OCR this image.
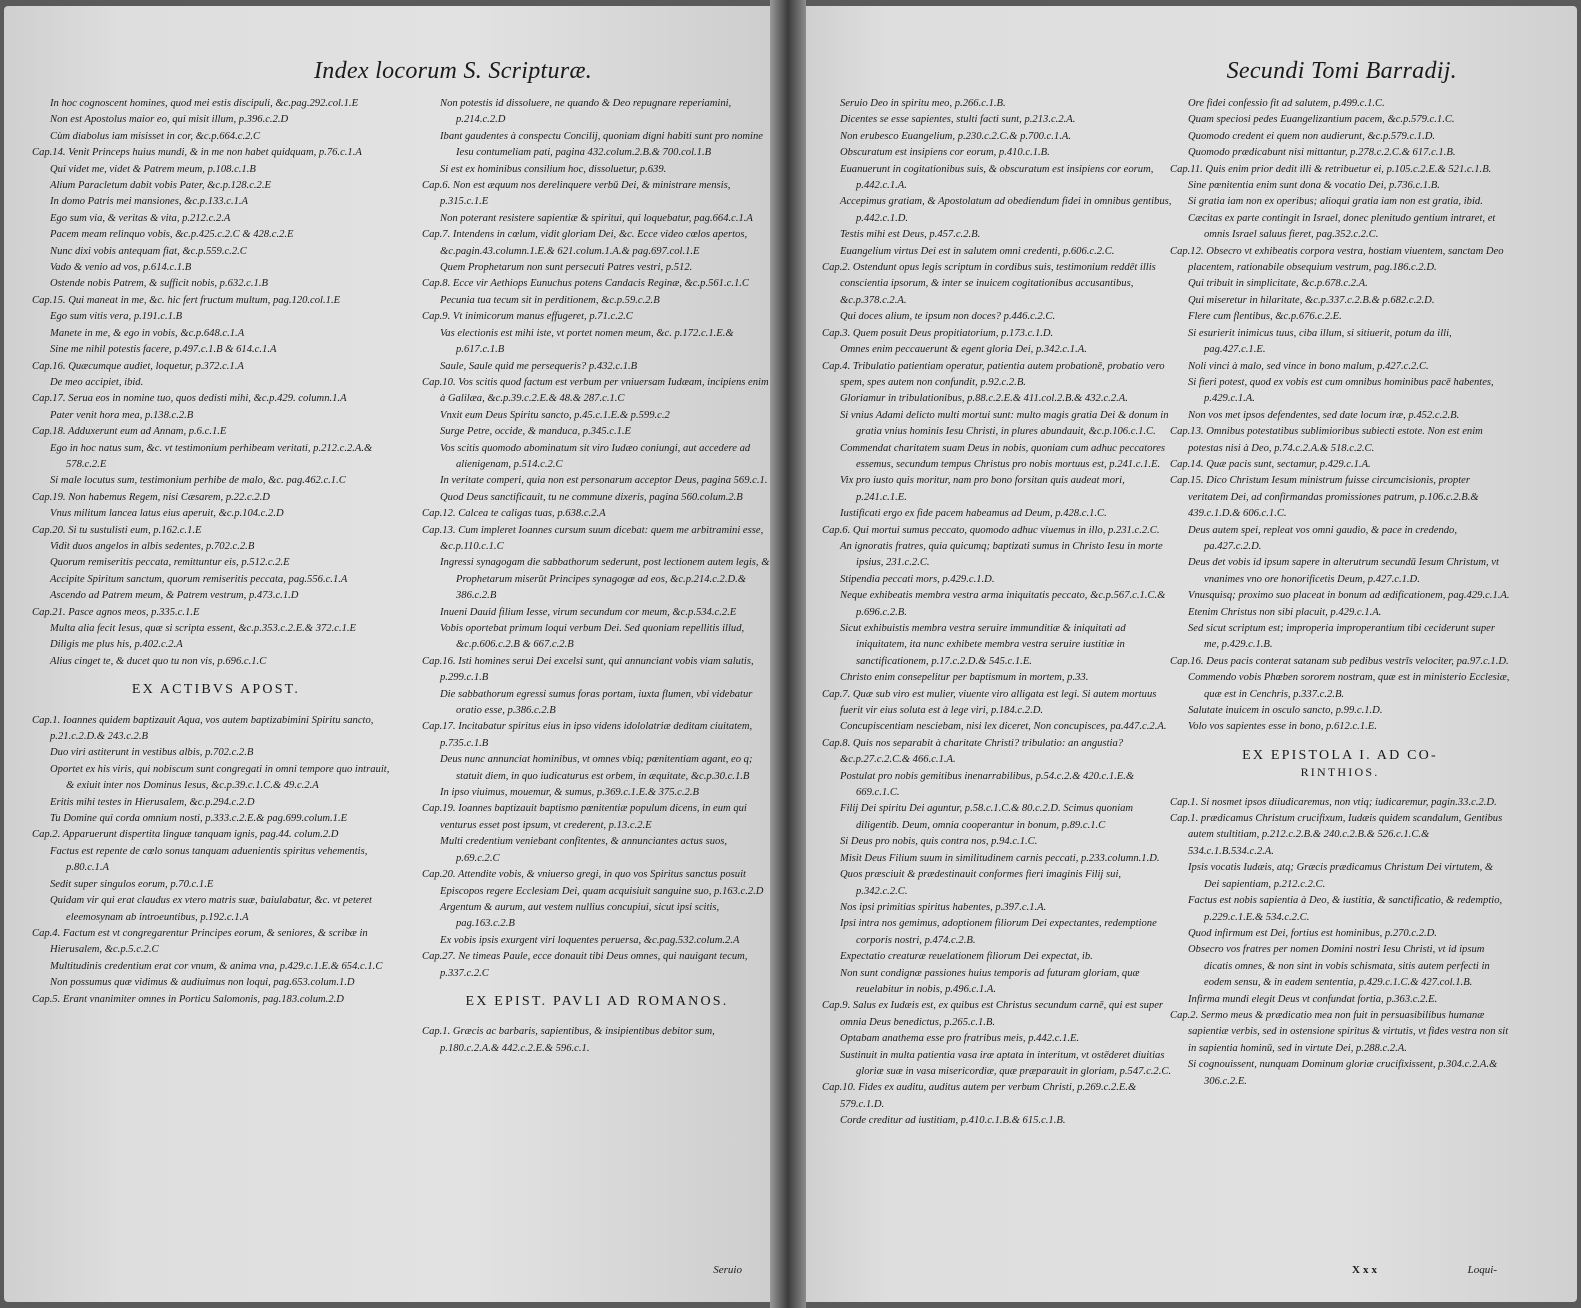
Index locorum S. Scripturæ.
In hoc cognoscent homines, quod mei estis discipuli, &c.pag.292.col.1.E
Non est Apostolus maior eo, qui misit illum, p.396.c.2.D
Cùm diabolus iam misisset in cor, &c.p.664.c.2.C
Cap.14. Venit Princeps huius mundi, & in me non habet quidquam, p.76.c.1.A
Qui videt me, videt & Patrem meum, p.108.c.1.B
Alium Paracletum dabit vobis Pater, &c.p.128.c.2.E
In domo Patris mei mansiones, &c.p.133.c.1.A
Ego sum via, & veritas & vita, p.212.c.2.A
Pacem meam relinquo vobis, &c.p.425.c.2.C & 428.c.2.E
Nunc dixi vobis antequam fiat, &c.p.559.c.2.C
Vado & venio ad vos, p.614.c.1.B
Ostende nobis Patrem, & sufficit nobis, p.632.c.1.B
Cap.15. Qui maneat in me, &c. hic fert fructum multum, pag.120.col.1.E
Ego sum vitis vera, p.191.c.1.B
Manete in me, & ego in vobis, &c.p.648.c.1.A
Sine me nihil potestis facere, p.497.c.1.B & 614.c.1.A
Cap.16. Quæcumque audiet, loquetur, p.372.c.1.A
De meo accipiet, ibid.
Cap.17. Serua eos in nomine tuo, quos dedisti mihi, &c.p.429. column.1.A
Pater venit hora mea, p.138.c.2.B
Cap.18. Adduxerunt eum ad Annam, p.6.c.1.E
Ego in hoc natus sum, &c. vt testimonium perhibeam veritati, p.212.c.2.A.& 578.c.2.E
Si male locutus sum, testimonium perhibe de malo, &c. pag.462.c.1.C
Cap.19. Non habemus Regem, nisi Cæsarem, p.22.c.2.D
Vnus militum lancea latus eius aperuit, &c.p.104.c.2.D
Cap.20. Si tu sustulisti eum, p.162.c.1.E
Vidit duos angelos in albis sedentes, p.702.c.2.B
Quorum remiseritis peccata, remittuntur eis, p.512.c.2.E
Accipite Spiritum sanctum, quorum remiseritis peccata, pag.556.c.1.A
Ascendo ad Patrem meum, & Patrem vestrum, p.473.c.1.D
Cap.21. Pasce agnos meos, p.335.c.1.E
Multa alia fecit Iesus, quæ si scripta essent, &c.p.353.c.2.E.& 372.c.1.E
Diligis me plus his, p.402.c.2.A
Alius cinget te, & ducet quo tu non vis, p.696.c.1.C
EX ACTIBVS APOST.
Cap.1. Ioannes quidem baptizauit Aqua, vos autem baptizabimini Spiritu sancto, p.21.c.2.D.& 243.c.2.B
Duo viri astiterunt in vestibus albis, p.702.c.2.B
Oportet ex his viris, qui nobiscum sunt congregati in omni tempore quo intrauit, & exiuit inter nos Dominus Iesus, &c.p.39.c.1.C.& 49.c.2.A
Eritis mihi testes in Hierusalem, &c.p.294.c.2.D
Tu Domine qui corda omnium nosti, p.333.c.2.E.& pag.699.colum.1.E
Cap.2. Apparuerunt dispertita linguæ tanquam ignis, pag.44. colum.2.D
Factus est repente de cœlo sonus tanquam aduenientis spiritus vehementis, p.80.c.1.A
Sedit super singulos eorum, p.70.c.1.E
Quidam vir qui erat claudus ex vtero matris suæ, baiulabatur, &c. vt peteret eleemosynam ab introeuntibus, p.192.c.1.A
Cap.4. Factum est vt congregarentur Principes eorum, & seniores, & scribæ in Hierusalem, &c.p.5.c.2.C
Multitudinis credentium erat cor vnum, & anima vna, p.429.c.1.E.& 654.c.1.C
Non possumus quæ vidimus & audiuimus non loqui, pag.653.colum.1.D
Cap.5. Erant vnanimiter omnes in Porticu Salomonis, pag.183.colum.2.D
Non potestis id dissoluere, ne quando & Deo repugnare reperiamini, p.214.c.2.D
Ibant gaudentes à conspectu Concilij, quoniam digni habiti sunt pro nomine Iesu contumeliam pati, pagina 432.colum.2.B.& 700.col.1.B
Si est ex hominibus consilium hoc, dissoluetur, p.639.
Cap.6. Non est æquum nos derelinquere verbū Dei, & ministrare mensis, p.315.c.1.E
Non poterant resistere sapientiæ & spiritui, qui loquebatur, pag.664.c.1.A
Cap.7. Intendens in cœlum, vidit gloriam Dei, &c. Ecce video cœlos apertos, &c.pagin.43.column.1.E.& 621.colum.1.A.& pag.697.col.1.E
Quem Prophetarum non sunt persecuti Patres vestri, p.512.
Cap.8. Ecce vir Aethiops Eunuchus potens Candacis Reginæ, &c.p.561.c.1.C
Pecunia tua tecum sit in perditionem, &c.p.59.c.2.B
Cap.9. Vt inimicorum manus effugeret, p.71.c.2.C
Vas electionis est mihi iste, vt portet nomen meum, &c. p.172.c.1.E.& p.617.c.1.B
Saule, Saule quid me persequeris? p.432.c.1.B
Cap.10. Vos scitis quod factum est verbum per vniuersam Iudæam, incipiens enim à Galilæa, &c.p.39.c.2.E.& 48.& 287.c.1.C
Vnxit eum Deus Spiritu sancto, p.45.c.1.E.& p.599.c.2
Surge Petre, occide, & manduca, p.345.c.1.E
Vos scitis quomodo abominatum sit viro Iudæo coniungi, aut accedere ad alienigenam, p.514.c.2.C
In veritate comperi, quia non est personarum acceptor Deus, pagina 569.c.1.
Quod Deus sanctificauit, tu ne commune dixeris, pagina 560.colum.2.B
Cap.12. Calcea te caligas tuas, p.638.c.2.A
Cap.13. Cum impleret Ioannes cursum suum dicebat: quem me arbitramini esse, &c.p.110.c.1.C
Ingressi synagogam die sabbathorum sederunt, post lectionem autem legis, & Prophetarum miserūt Principes synagogæ ad eos, &c.p.214.c.2.D.& 386.c.2.B
Inueni Dauid filium Iesse, virum secundum cor meum, &c.p.534.c.2.E
Vobis oportebat primum loqui verbum Dei. Sed quoniam repellitis illud, &c.p.606.c.2.B & 667.c.2.B
Cap.16. Isti homines serui Dei excelsi sunt, qui annunciant vobis viam salutis, p.299.c.1.B
Die sabbathorum egressi sumus foras portam, iuxta flumen, vbi videbatur oratio esse, p.386.c.2.B
Cap.17. Incitabatur spiritus eius in ipso videns idololatriæ deditam ciuitatem, p.735.c.1.B
Deus nunc annunciat hominibus, vt omnes vbiq; pœnitentiam agant, eo q; statuit diem, in quo iudicaturus est orbem, in æquitate, &c.p.30.c.1.B
In ipso viuimus, mouemur, & sumus, p.369.c.1.E.& 375.c.2.B
Cap.19. Ioannes baptizauit baptismo pœnitentiæ populum dicens, in eum qui venturus esset post ipsum, vt crederent, p.13.c.2.E
Multi credentium veniebant confitentes, & annunciantes actus suos, p.69.c.2.C
Cap.20. Attendite vobis, & vniuerso gregi, in quo vos Spiritus sanctus posuit Episcopos regere Ecclesiam Dei, quam acquisiuit sanguine suo, p.163.c.2.D
Argentum & aurum, aut vestem nullius concupiui, sicut ipsi scitis, pag.163.c.2.B
Ex vobis ipsis exurgent viri loquentes peruersa, &c.pag.532.colum.2.A
Cap.27. Ne timeas Paule, ecce donauit tibi Deus omnes, qui nauigant tecum, p.337.c.2.C
EX EPIST. PAVLI AD ROMANOS.
Cap.1. Græcis ac barbaris, sapientibus, & insipientibus debitor sum, p.180.c.2.A.& 442.c.2.E.& 596.c.1.
Seruio
Secundi Tomi Barradij.
Seruio Deo in spiritu meo, p.266.c.1.B.
Dicentes se esse sapientes, stulti facti sunt, p.213.c.2.A.
Non erubesco Euangelium, p.230.c.2.C.& p.700.c.1.A.
Obscuratum est insipiens cor eorum, p.410.c.1.B.
Euanuerunt in cogitationibus suis, & obscuratum est insipiens cor eorum, p.442.c.1.A.
Accepimus gratiam, & Apostolatum ad obediendum fidei in omnibus gentibus, p.442.c.1.D.
Testis mihi est Deus, p.457.c.2.B.
Euangelium virtus Dei est in salutem omni credenti, p.606.c.2.C.
Cap.2. Ostendunt opus legis scriptum in cordibus suis, testimonium reddēt illis conscientia ipsorum, & inter se inuicem cogitationibus accusantibus, &c.p.378.c.2.A.
Qui doces alium, te ipsum non doces? p.446.c.2.C.
Cap.3. Quem posuit Deus propitiatorium, p.173.c.1.D.
Omnes enim peccauerunt & egent gloria Dei, p.342.c.1.A.
Cap.4. Tribulatio patientiam operatur, patientia autem probationē, probatio vero spem, spes autem non confundit, p.92.c.2.B.
Gloriamur in tribulationibus, p.88.c.2.E.& 411.col.2.B.& 432.c.2.A.
Si vnius Adami delicto multi mortui sunt: multo magis gratia Dei & donum in gratia vnius hominis Iesu Christi, in plures abundauit, &c.p.106.c.1.C.
Commendat charitatem suam Deus in nobis, quoniam cum adhuc peccatores essemus, secundum tempus Christus pro nobis mortuus est, p.241.c.1.E.
Vix pro iusto quis moritur, nam pro bono forsitan quis audeat mori, p.241.c.1.E.
Iustificati ergo ex fide pacem habeamus ad Deum, p.428.c.1.C.
Cap.6. Qui mortui sumus peccato, quomodo adhuc viuemus in illo, p.231.c.2.C.
An ignoratis fratres, quia quicumq; baptizati sumus in Christo Iesu in morte ipsius, 231.c.2.C.
Stipendia peccati mors, p.429.c.1.D.
Neque exhibeatis membra vestra arma iniquitatis peccato, &c.p.567.c.1.C.& p.696.c.2.B.
Sicut exhibuistis membra vestra seruire immunditiæ & iniquitati ad iniquitatem, ita nunc exhibete membra vestra seruire iustitiæ in sanctificationem, p.17.c.2.D.& 545.c.1.E.
Christo enim consepelitur per baptismum in mortem, p.33.
Cap.7. Quæ sub viro est mulier, viuente viro alligata est legi. Si autem mortuus fuerit vir eius soluta est à lege viri, p.184.c.2.D.
Concupiscentiam nesciebam, nisi lex diceret, Non concupisces, pa.447.c.2.A.
Cap.8. Quis nos separabit à charitate Christi? tribulatio: an angustia? &c.p.27.c.2.C.& 466.c.1.A.
Postulat pro nobis gemitibus inenarrabilibus, p.54.c.2.& 420.c.1.E.& 669.c.1.C.
Filij Dei spiritu Dei aguntur, p.58.c.1.C.& 80.c.2.D. Scimus quoniam diligentib. Deum, omnia cooperantur in bonum, p.89.c.1.C
Si Deus pro nobis, quis contra nos, p.94.c.1.C.
Misit Deus Filium suum in similitudinem carnis peccati, p.233.column.1.D.
Quos præsciuit & prædestinauit conformes fieri imaginis Filij sui, p.342.c.2.C.
Nos ipsi primitias spiritus habentes, p.397.c.1.A.
Ipsi intra nos gemimus, adoptionem filiorum Dei expectantes, redemptione corporis nostri, p.474.c.2.B.
Expectatio creaturæ reuelationem filiorum Dei expectat, ib.
Non sunt condignæ passiones huius temporis ad futuram gloriam, quæ reuelabitur in nobis, p.496.c.1.A.
Cap.9. Salus ex Iudæis est, ex quibus est Christus secundum carnē, qui est super omnia Deus benedictus, p.265.c.1.B.
Optabam anathema esse pro fratribus meis, p.442.c.1.E.
Sustinuit in multa patientia vasa iræ aptata in interitum, vt ostēderet diuitias gloriæ suæ in vasa misericordiæ, quæ præparauit in gloriam, p.547.c.2.C.
Cap.10. Fides ex auditu, auditus autem per verbum Christi, p.269.c.2.E.& 579.c.1.D.
Corde creditur ad iustitiam, p.410.c.1.B.& 615.c.1.B.
Ore fidei confessio fit ad salutem, p.499.c.1.C.
Quam speciosi pedes Euangelizantium pacem, &c.p.579.c.1.C.
Quomodo credent ei quem non audierunt, &c.p.579.c.1.D.
Quomodo prædicabunt nisi mittantur, p.278.c.2.C.& 617.c.1.B.
Cap.11. Quis enim prior dedit illi & retribuetur ei, p.105.c.2.E.& 521.c.1.B.
Sine pœnitentia enim sunt dona & vocatio Dei, p.736.c.1.B.
Si gratia iam non ex operibus; alioqui gratia iam non est gratia, ibid.
Cæcitas ex parte contingit in Israel, donec plenitudo gentium intraret, et omnis Israel saluus fieret, pag.352.c.2.C.
Cap.12. Obsecro vt exhibeatis corpora vestra, hostiam viuentem, sanctam Deo placentem, rationabile obsequium vestrum, pag.186.c.2.D.
Qui tribuit in simplicitate, &c.p.678.c.2.A.
Qui miseretur in hilaritate, &c.p.337.c.2.B.& p.682.c.2.D.
Flere cum flentibus, &c.p.676.c.2.E.
Si esurierit inimicus tuus, ciba illum, si sitiuerit, potum da illi, pag.427.c.1.E.
Noli vinci à malo, sed vince in bono malum, p.427.c.2.C.
Si fieri potest, quod ex vobis est cum omnibus hominibus pacē habentes, p.429.c.1.A.
Non vos met ipsos defendentes, sed date locum iræ, p.452.c.2.B.
Cap.13. Omnibus potestatibus sublimioribus subiecti estote. Non est enim potestas nisi à Deo, p.74.c.2.A.& 518.c.2.C.
Cap.14. Quæ pacis sunt, sectamur, p.429.c.1.A.
Cap.15. Dico Christum Iesum ministrum fuisse circumcisionis, propter veritatem Dei, ad confirmandas promissiones patrum, p.106.c.2.B.& 439.c.1.D.& 606.c.1.C.
Deus autem spei, repleat vos omni gaudio, & pace in credendo, pa.427.c.2.D.
Deus det vobis id ipsum sapere in alterutrum secundū Iesum Christum, vt vnanimes vno ore honorificetis Deum, p.427.c.1.D.
Vnusquisq; proximo suo placeat in bonum ad ædificationem, pag.429.c.1.A.
Etenim Christus non sibi placuit, p.429.c.1.A.
Sed sicut scriptum est; improperia improperantium tibi ceciderunt super me, p.429.c.1.B.
Cap.16. Deus pacis conterat satanam sub pedibus vestrīs velociter, pa.97.c.1.D.
Commendo vobis Phœben sororem nostram, quæ est in ministerio Ecclesiæ, quæ est in Cenchris, p.337.c.2.B.
Salutate inuicem in osculo sancto, p.99.c.1.D.
Volo vos sapientes esse in bono, p.612.c.1.E.
EX EPISTOLA I. AD CO-
RINTHIOS.
Cap.1. Si nosmet ipsos diiudicaremus, non vtiq; iudicaremur, pagin.33.c.2.D.
Cap.1. prædicamus Christum crucifixum, Iudæis quidem scandalum, Gentibus autem stultitiam, p.212.c.2.B.& 240.c.2.B.& 526.c.1.C.& 534.c.1.B.534.c.2.A.
Ipsis vocatis Iudæis, atq; Græcis prædicamus Christum Dei virtutem, & Dei sapientiam, p.212.c.2.C.
Factus est nobis sapientia à Deo, & iustitia, & sanctificatio, & redemptio, p.229.c.1.E.& 534.c.2.C.
Quod infirmum est Dei, fortius est hominibus, p.270.c.2.D.
Obsecro vos fratres per nomen Domini nostri Iesu Christi, vt id ipsum dicatis omnes, & non sint in vobis schismata, sitis autem perfecti in eodem sensu, & in eadem sententia, p.429.c.1.C.& 427.col.1.B.
Infirma mundi elegit Deus vt confundat fortia, p.363.c.2.E.
Cap.2. Sermo meus & prædicatio mea non fuit in persuasibilibus humanæ sapientiæ verbis, sed in ostensione spiritus & virtutis, vt fides vestra non sit in sapientia hominū, sed in virtute Dei, p.288.c.2.A.
Si cognouissent, nunquam Dominum gloriæ crucifixissent, p.304.c.2.A.& 306.c.2.E.
Xxx	Loqui-
